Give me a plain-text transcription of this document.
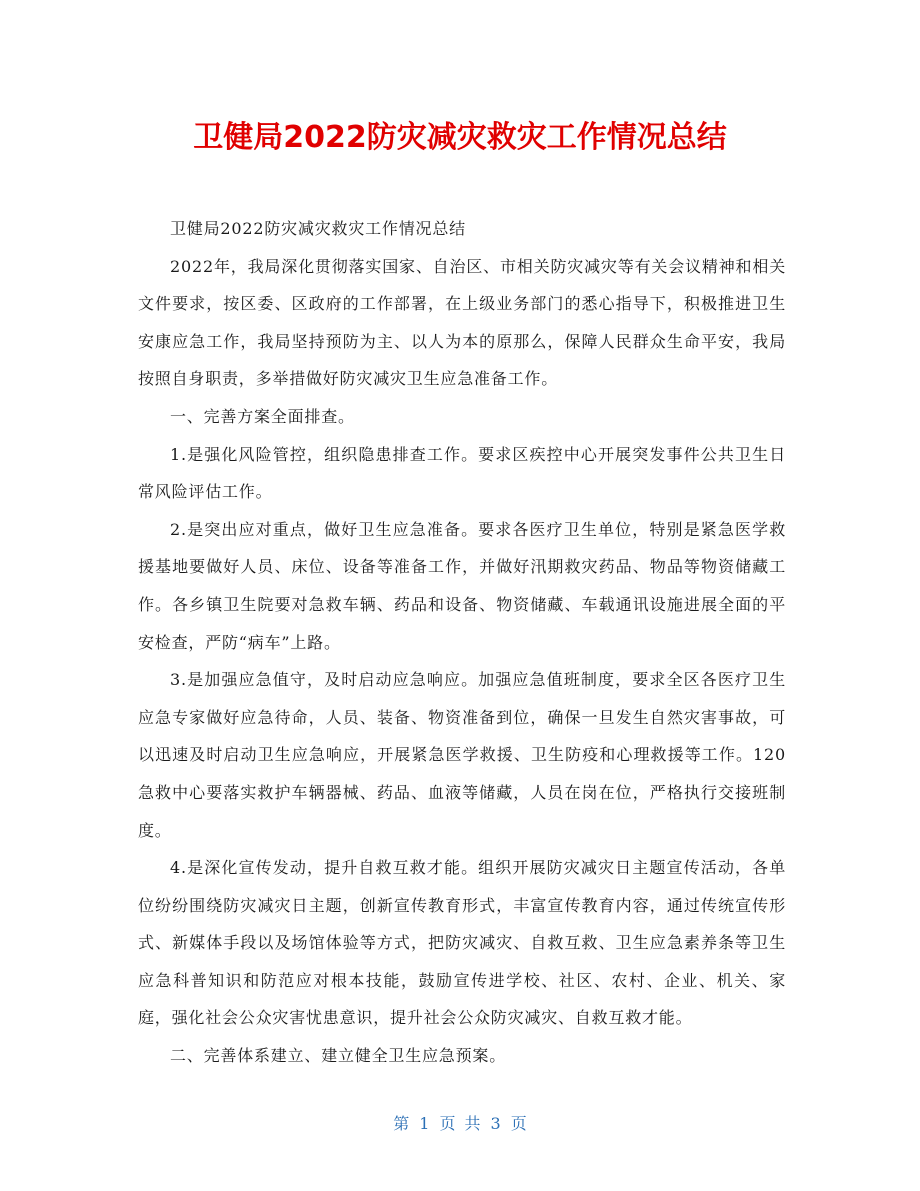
卫健局2022防灾减灾救灾工作情况总结

卫健局2022防灾减灾救灾工作情况总结

2022年，我局深化贯彻落实国家、自治区、市相关防灾减灾等有关会议精神和相关文件要求，按区委、区政府的工作部署，在上级业务部门的悉心指导下，积极推进卫生安康应急工作，我局坚持预防为主、以人为本的原那么，保障人民群众生命平安，我局按照自身职责，多举措做好防灾减灾卫生应急准备工作。

一、完善方案全面排查。

1.是强化风险管控，组织隐患排查工作。要求区疾控中心开展突发事件公共卫生日常风险评估工作。

2.是突出应对重点，做好卫生应急准备。要求各医疗卫生单位，特别是紧急医学救援基地要做好人员、床位、设备等准备工作，并做好汛期救灾药品、物品等物资储藏工作。各乡镇卫生院要对急救车辆、药品和设备、物资储藏、车载通讯设施进展全面的平安检查，严防“病车”上路。

3.是加强应急值守，及时启动应急响应。加强应急值班制度，要求全区各医疗卫生应急专家做好应急待命，人员、装备、物资准备到位，确保一旦发生自然灾害事故，可以迅速及时启动卫生应急响应，开展紧急医学救援、卫生防疫和心理救援等工作。120急救中心要落实救护车辆器械、药品、血液等储藏，人员在岗在位，严格执行交接班制度。

4.是深化宣传发动，提升自救互救才能。组织开展防灾减灾日主题宣传活动，各单位纷纷围绕防灾减灾日主题，创新宣传教育形式，丰富宣传教育内容，通过传统宣传形式、新媒体手段以及场馆体验等方式，把防灾减灾、自救互救、卫生应急素养条等卫生应急科普知识和防范应对根本技能，鼓励宣传进学校、社区、农村、企业、机关、家庭，强化社会公众灾害忧患意识，提升社会公众防灾减灾、自救互救才能。

二、完善体系建立、建立健全卫生应急预案。

第 1 页 共 3 页
